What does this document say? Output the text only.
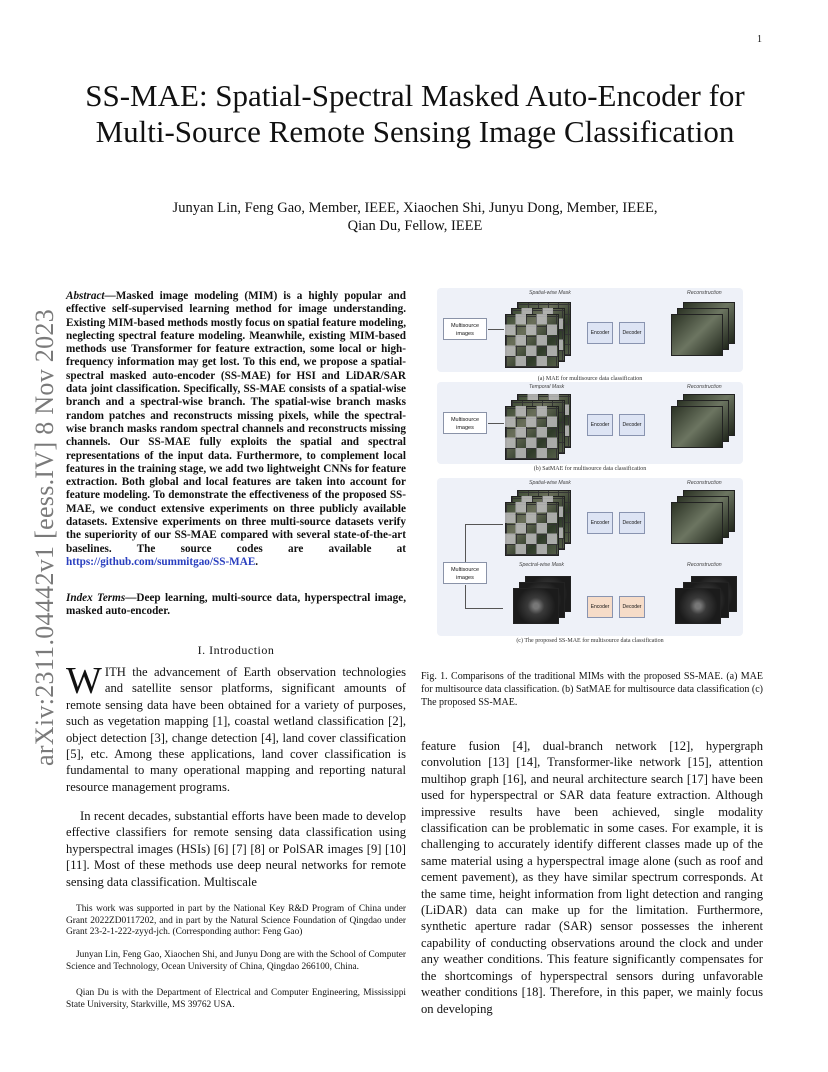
1
SS-MAE: Spatial-Spectral Masked Auto-Encoder for Multi-Source Remote Sensing Image Classification
Junyan Lin, Feng Gao, Member, IEEE, Xiaochen Shi, Junyu Dong, Member, IEEE,
Qian Du, Fellow, IEEE
arXiv:2311.04442v1 [eess.IV] 8 Nov 2023
Abstract—Masked image modeling (MIM) is a highly popular and effective self-supervised learning method for image understanding. Existing MIM-based methods mostly focus on spatial feature modeling, neglecting spectral feature modeling. Meanwhile, existing MIM-based methods use Transformer for feature extraction, some local or high-frequency information may get lost. To this end, we propose a spatial-spectral masked auto-encoder (SS-MAE) for HSI and LiDAR/SAR data joint classification. Specifically, SS-MAE consists of a spatial-wise branch and a spectral-wise branch. The spatial-wise branch masks random patches and reconstructs missing pixels, while the spectral-wise branch masks random spectral channels and reconstructs missing channels. Our SS-MAE fully exploits the spatial and spectral representations of the input data. Furthermore, to complement local features in the training stage, we add two lightweight CNNs for feature extraction. Both global and local features are taken into account for feature modeling. To demonstrate the effectiveness of the proposed SS-MAE, we conduct extensive experiments on three publicly available datasets. Extensive experiments on three multi-source datasets verify the superiority of our SS-MAE compared with several state-of-the-art baselines. The source codes are available at https://github.com/summitgao/SS-MAE.
Index Terms—Deep learning, multi-source data, hyperspectral image, masked auto-encoder.
I. Introduction
WITH the advancement of Earth observation technologies and satellite sensor platforms, significant amounts of remote sensing data have been obtained for a variety of purposes, such as vegetation mapping [1], coastal wetland classification [2], object detection [3], change detection [4], land cover classification [5], etc. Among these applications, land cover classification is fundamental to many operational mapping and reporting natural resource management programs.
In recent decades, substantial efforts have been made to develop effective classifiers for remote sensing data classification using hyperspectral images (HSIs) [6] [7] [8] or PolSAR images [9] [10] [11]. Most of these methods use deep neural networks for remote sensing data classification. Multiscale
This work was supported in part by the National Key R&D Program of China under Grant 2022ZD0117202, and in part by the Natural Science Foundation of Qingdao under Grant 23-2-1-222-zyyd-jch. (Corresponding author: Feng Gao)
Junyan Lin, Feng Gao, Xiaochen Shi, and Junyu Dong are with the School of Computer Science and Technology, Ocean University of China, Qingdao 266100, China.
Qian Du is with the Department of Electrical and Computer Engineering, Mississippi State University, Starkville, MS 39762 USA.
Spatial-wise Mask	Reconstruction
Multisource images	Encoder	Decoder
(a) MAE for multisource data classification
Temporal Mask	Reconstruction
Multisource images	Encoder	Decoder
(b) SatMAE for multisource data classification
Spatial-wise Mask	Reconstruction
Encoder	Decoder
Multisource images
Spectral-wise Mask	Reconstruction
Encoder	Decoder
(c) The proposed SS-MAE for multisource data classification
Fig. 1. Comparisons of the traditional MIMs with the proposed SS-MAE. (a) MAE for multisource data classification. (b) SatMAE for multisource data classification (c) The proposed SS-MAE.
feature fusion [4], dual-branch network [12], hypergraph convolution [13] [14], Transformer-like network [15], attention multihop graph [16], and neural architecture search [17] have been used for hyperspectral or SAR data feature extraction. Although impressive results have been achieved, single modality classification can be problematic in some cases. For example, it is challenging to accurately identify different classes made up of the same material using a hyperspectral image alone (such as roof and cement pavement), as they have similar spectrum corresponds. At the same time, height information from light detection and ranging (LiDAR) data can make up for the limitation. Furthermore, synthetic aperture radar (SAR) sensor possesses the inherent capability of conducting observations around the clock and under any weather conditions. This feature significantly compensates for the shortcomings of hyperspectral sensors during unfavorable weather conditions [18]. Therefore, in this paper, we mainly focus on developing
